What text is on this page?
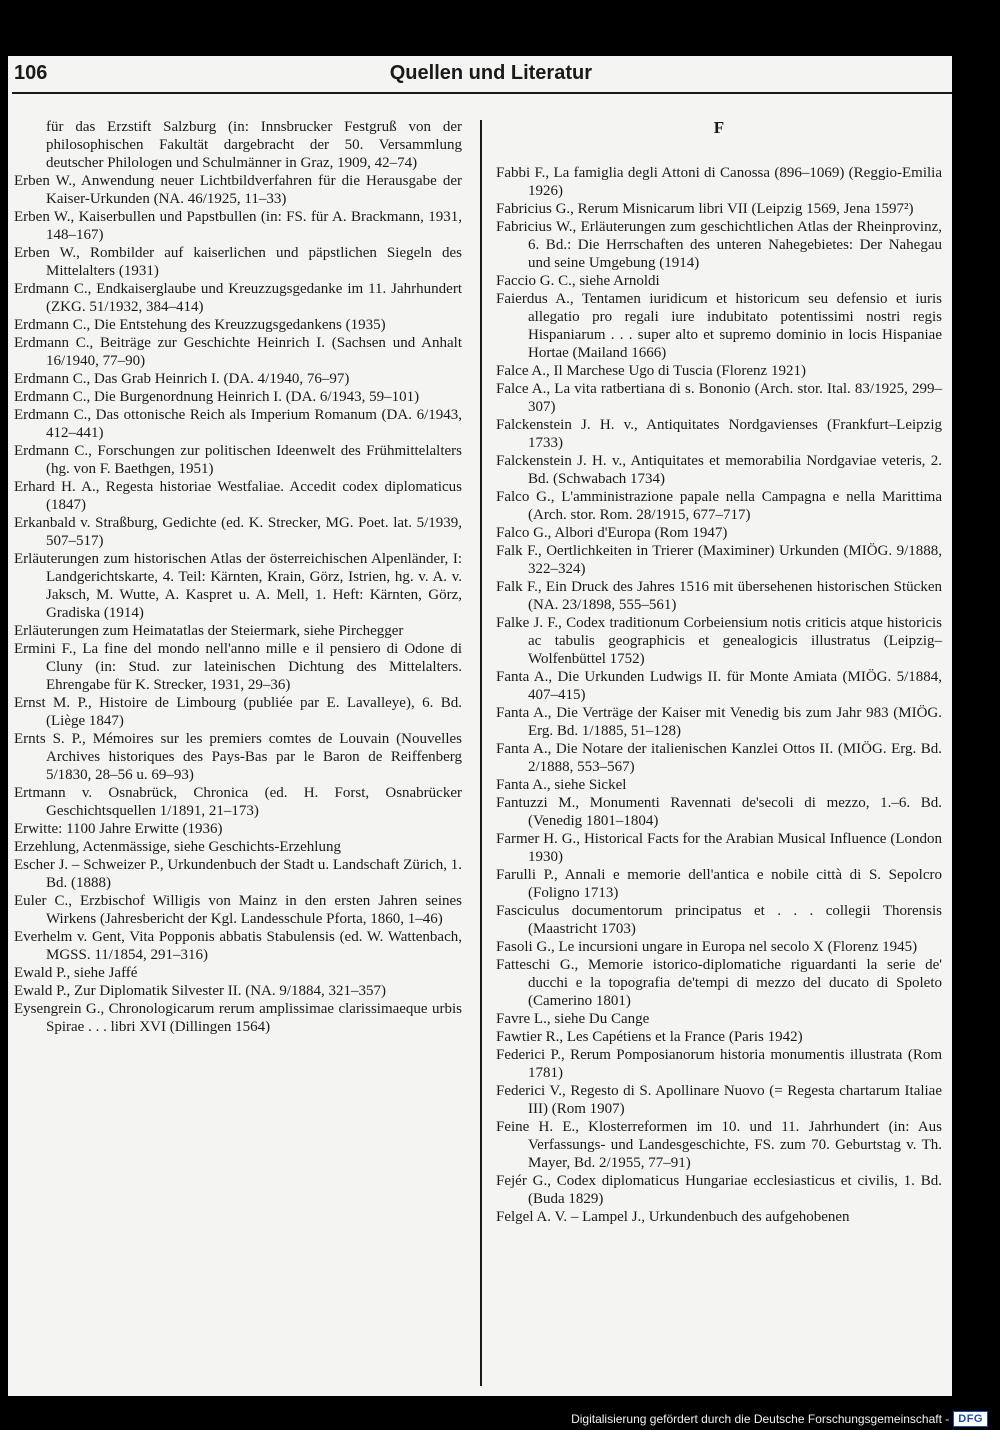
106	Quellen und Literatur

für das Erzstift Salzburg (in: Innsbrucker Festgruß von der philosophischen Fakultät dargebracht der 50. Versammlung deutscher Philologen und Schulmänner in Graz, 1909, 42–74)

Erben W., Anwendung neuer Lichtbildverfahren für die Herausgabe der Kaiser-Urkunden (NA. 46/1925, 11–33)

Erben W., Kaiserbullen und Papstbullen (in: FS. für A. Brackmann, 1931, 148–167)

Erben W., Rombilder auf kaiserlichen und päpstlichen Siegeln des Mittelalters (1931)

Erdmann C., Endkaiserglaube und Kreuzzugsgedanke im 11. Jahrhundert (ZKG. 51/1932, 384–414)

Erdmann C., Die Entstehung des Kreuzzugsgedankens (1935)

Erdmann C., Beiträge zur Geschichte Heinrich I. (Sachsen und Anhalt 16/1940, 77–90)

Erdmann C., Das Grab Heinrich I. (DA. 4/1940, 76–97)

Erdmann C., Die Burgenordnung Heinrich I. (DA. 6/1943, 59–101)

Erdmann C., Das ottonische Reich als Imperium Romanum (DA. 6/1943, 412–441)

Erdmann C., Forschungen zur politischen Ideenwelt des Frühmittelalters (hg. von F. Baethgen, 1951)

Erhard H. A., Regesta historiae Westfaliae. Accedit codex diplomaticus (1847)

Erkanbald v. Straßburg, Gedichte (ed. K. Strecker, MG. Poet. lat. 5/1939, 507–517)

Erläuterungen zum historischen Atlas der österreichischen Alpenländer, I: Landgerichtskarte, 4. Teil: Kärnten, Krain, Görz, Istrien, hg. v. A. v. Jaksch, M. Wutte, A. Kaspret u. A. Mell, 1. Heft: Kärnten, Görz, Gradiska (1914)

Erläuterungen zum Heimatatlas der Steiermark, siehe Pirchegger

Ermini F., La fine del mondo nell'anno mille e il pensiero di Odone di Cluny (in: Stud. zur lateinischen Dichtung des Mittelalters. Ehrengabe für K. Strecker, 1931, 29–36)

Ernst M. P., Histoire de Limbourg (publiée par E. Lavalleye), 6. Bd. (Liège 1847)

Ernts S. P., Mémoires sur les premiers comtes de Louvain (Nouvelles Archives historiques des Pays-Bas par le Baron de Reiffenberg 5/1830, 28–56 u. 69–93)

Ertmann v. Osnabrück, Chronica (ed. H. Forst, Osnabrücker Geschichtsquellen 1/1891, 21–173)

Erwitte: 1100 Jahre Erwitte (1936)

Erzehlung, Actenmässige, siehe Geschichts-Erzehlung

Escher J. – Schweizer P., Urkundenbuch der Stadt u. Landschaft Zürich, 1. Bd. (1888)

Euler C., Erzbischof Willigis von Mainz in den ersten Jahren seines Wirkens (Jahresbericht der Kgl. Landesschule Pforta, 1860, 1–46)

Everhelm v. Gent, Vita Popponis abbatis Stabulensis (ed. W. Wattenbach, MGSS. 11/1854, 291–316)

Ewald P., siehe Jaffé

Ewald P., Zur Diplomatik Silvester II. (NA. 9/1884, 321–357)

Eysengrein G., Chronologicarum rerum amplissimae clarissimaeque urbis Spirae . . . libri XVI (Dillingen 1564)

F

Fabbi F., La famiglia degli Attoni di Canossa (896–1069) (Reggio-Emilia 1926)

Fabricius G., Rerum Misnicarum libri VII (Leipzig 1569, Jena 1597²)

Fabricius W., Erläuterungen zum geschichtlichen Atlas der Rheinprovinz, 6. Bd.: Die Herrschaften des unteren Nahegebietes: Der Nahegau und seine Umgebung (1914)

Faccio G. C., siehe Arnoldi

Faierdus A., Tentamen iuridicum et historicum seu defensio et iuris allegatio pro regali iure indubitato potentissimi nostri regis Hispaniarum . . . super alto et supremo dominio in locis Hispaniae Hortae (Mailand 1666)

Falce A., Il Marchese Ugo di Tuscia (Florenz 1921)

Falce A., La vita ratbertiana di s. Bononio (Arch. stor. Ital. 83/1925, 299–307)

Falckenstein J. H. v., Antiquitates Nordgavienses (Frankfurt–Leipzig 1733)

Falckenstein J. H. v., Antiquitates et memorabilia Nordgaviae veteris, 2. Bd. (Schwabach 1734)

Falco G., L'amministrazione papale nella Campagna e nella Marittima (Arch. stor. Rom. 28/1915, 677–717)

Falco G., Albori d'Europa (Rom 1947)

Falk F., Oertlichkeiten in Trierer (Maximiner) Urkunden (MIÖG. 9/1888, 322–324)

Falk F., Ein Druck des Jahres 1516 mit übersehenen historischen Stücken (NA. 23/1898, 555–561)

Falke J. F., Codex traditionum Corbeiensium notis criticis atque historicis ac tabulis geographicis et genealogicis illustratus (Leipzig–Wolfenbüttel 1752)

Fanta A., Die Urkunden Ludwigs II. für Monte Amiata (MIÖG. 5/1884, 407–415)

Fanta A., Die Verträge der Kaiser mit Venedig bis zum Jahr 983 (MIÖG. Erg. Bd. 1/1885, 51–128)

Fanta A., Die Notare der italienischen Kanzlei Ottos II. (MIÖG. Erg. Bd. 2/1888, 553–567)

Fanta A., siehe Sickel

Fantuzzi M., Monumenti Ravennati de'secoli di mezzo, 1.–6. Bd. (Venedig 1801–1804)

Farmer H. G., Historical Facts for the Arabian Musical Influence (London 1930)

Farulli P., Annali e memorie dell'antica e nobile città di S. Sepolcro (Foligno 1713)

Fasciculus documentorum principatus et . . . collegii Thorensis (Maastricht 1703)

Fasoli G., Le incursioni ungare in Europa nel secolo X (Florenz 1945)

Fatteschi G., Memorie istorico-diplomatiche riguardanti la serie de' ducchi e la topografia de'tempi di mezzo del ducato di Spoleto (Camerino 1801)

Favre L., siehe Du Cange

Fawtier R., Les Capétiens et la France (Paris 1942)

Federici P., Rerum Pomposianorum historia monumentis illustrata (Rom 1781)

Federici V., Regesto di S. Apollinare Nuovo (= Regesta chartarum Italiae III) (Rom 1907)

Feine H. E., Klosterreformen im 10. und 11. Jahrhundert (in: Aus Verfassungs- und Landesgeschichte, FS. zum 70. Geburtstag v. Th. Mayer, Bd. 2/1955, 77–91)

Fejér G., Codex diplomaticus Hungariae ecclesiasticus et civilis, 1. Bd. (Buda 1829)

Felgel A. V. – Lampel J., Urkundenbuch des aufgehobenen

Digitalisierung gefördert durch die Deutsche Forschungsgemeinschaft - DFG
